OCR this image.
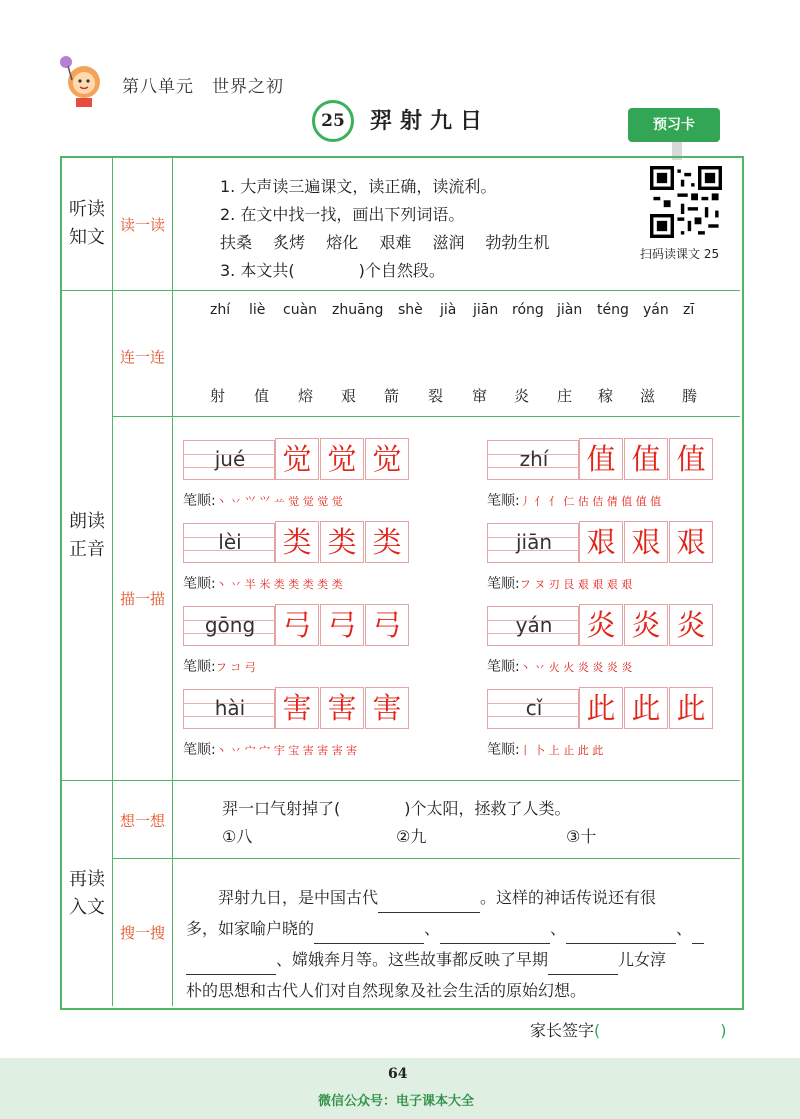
第八单元　世界之初
25	羿射九日	预习卡
听读
知文
朗读
正音
再读
入文
读一读
连一连
描一描
想一想
搜一搜
1. 大声读三遍课文，读正确，读流利。
2. 在文中找一找，画出下列词语。
扶桑 炙烤 熔化 艰难 滋润 勃勃生机
3. 本文共(　　　　)个自然段。
扫码读课文 25
zhí liè cuàn zhuāng shè jià jiān róng jiàn téng yán zī
射 值 熔 艰 箭 裂 窜 炎 庄 稼 滋 腾
jué	觉 觉 觉
笔顺:丶 丷 ⺍ 𭕄 䒑 觉 觉 觉 觉
zhí	值 值 值
笔顺:丿 亻 亻 仁 估 佶 倩 值 值 值
lèi	类 类 类
笔顺:丶 丷 半 米 类 类 类 类 类
jiān	艰 艰 艰
笔顺:フ ヌ 刃 艮 艰 艰 艰 艰
gōng 弓 弓 弓
笔顺:フ コ 弓
yán	炎 炎 炎
笔顺:丶 丷 火 火 炎 炎 炎 炎
hài	害 害 害
笔顺:丶 丷 宀 宀 宇 宝 害 害 害 害
cǐ	此 此 此
笔顺:丨 卜 上 止 此 此
羿一口气射掉了(　　　　)个太阳，拯救了人类。
①八	②九	③十
羿射九日，是中国古代	。这样的神话传说还有很
多，如家喻户晓的	、	、	、
、嫦娥奔月等。这些故事都反映了早期	儿女淳
朴的思想和古代人们对自然现象及社会生活的原始幻想。
家长签字(	)
64
微信公众号：电子课本大全
